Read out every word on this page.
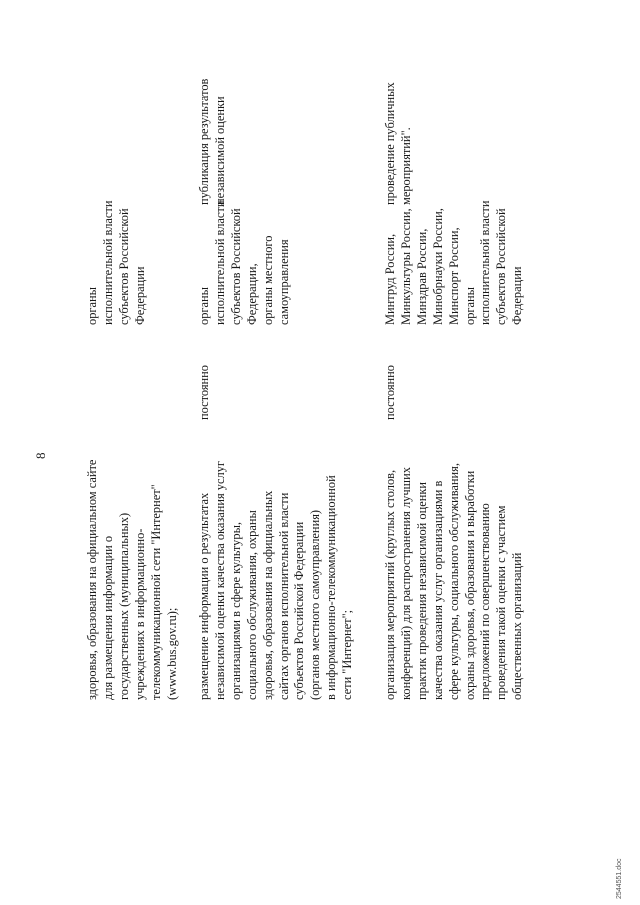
8
здоровья, образования на официальном сайте
для размещения информации о
государственных (муниципальных)
учреждениях в информационно-
телекоммуникационной сети "Интернет"
(www.bus.gov.ru);
органы
исполнительной власти
субъектов Российской
Федерации
размещение информации о результатах
независимой оценки качества оказания услуг
организациями в сфере культуры,
социального обслуживания, охраны
здоровья, образования на официальных
сайтах органов исполнительной власти
субъектов Российской Федерации
(органов местного самоуправления)
в информационно-телекоммуникационной
сети "Интернет";
постоянно
органы
исполнительной власти
субъектов Российской
Федерации,
органы местного
самоуправления
публикация результатов
независимой оценки
организация мероприятий (круглых столов,
конференций) для распространения лучших
практик проведения независимой оценки
качества оказания услуг организациями в
сфере культуры, социального обслуживания,
охраны здоровья, образования и выработки
предложений по совершенствованию
проведения такой оценки с участием
общественных организаций
постоянно
Минтруд России,
Минкультуры России,
Минздрав России,
Минобрнауки России,
Минспорт России,
органы
исполнительной власти
субъектов Российской
Федерации
проведение публичных
мероприятий".
2544551.doc
